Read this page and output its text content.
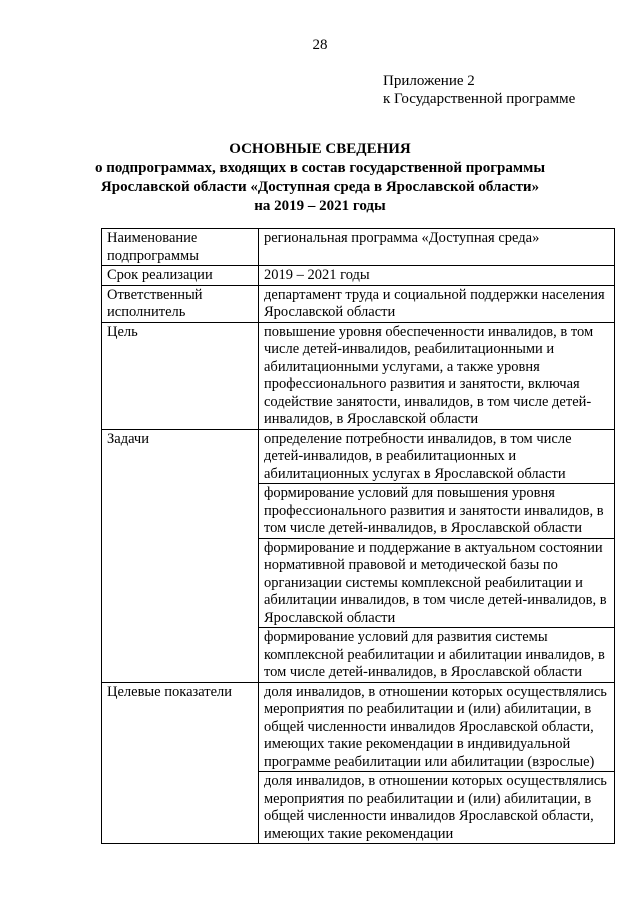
28
Приложение 2
к Государственной программе
ОСНОВНЫЕ СВЕДЕНИЯ
о подпрограммах, входящих в состав государственной программы
Ярославской области «Доступная среда в Ярославской области»
на 2019 – 2021 годы
Наименование подпрограммы	региональная программа «Доступная среда»
Срок реализации	2019 – 2021 годы
Ответственный исполнитель	департамент труда и социальной поддержки населения Ярославской области
Цель	повышение уровня обеспеченности инвалидов, в том числе детей-инвалидов, реабилитационными и абилитационными услугами, а также уровня профессионального развития и занятости, включая содействие занятости, инвалидов, в том числе детей-инвалидов, в Ярославской области
Задачи	определение потребности инвалидов, в том числе детей-инвалидов, в реабилитационных и абилитационных услугах в Ярославской области
	формирование условий для повышения уровня профессионального развития и занятости инвалидов, в том числе детей-инвалидов, в Ярославской области
	формирование и поддержание в актуальном состоянии нормативной правовой и методической базы по организации системы комплексной реабилитации и абилитации инвалидов, в том числе детей-инвалидов, в Ярославской области
	формирование условий для развития системы комплексной реабилитации и абилитации инвалидов, в том числе детей-инвалидов, в Ярославской области
Целевые показатели	доля инвалидов, в отношении которых осуществлялись мероприятия по реабилитации и (или) абилитации, в общей численности инвалидов Ярославской области, имеющих такие рекомендации в индивидуальной программе реабилитации или абилитации (взрослые)
	доля инвалидов, в отношении которых осуществлялись мероприятия по реабилитации и (или) абилитации, в общей численности инвалидов Ярославской области, имеющих такие рекомендации
